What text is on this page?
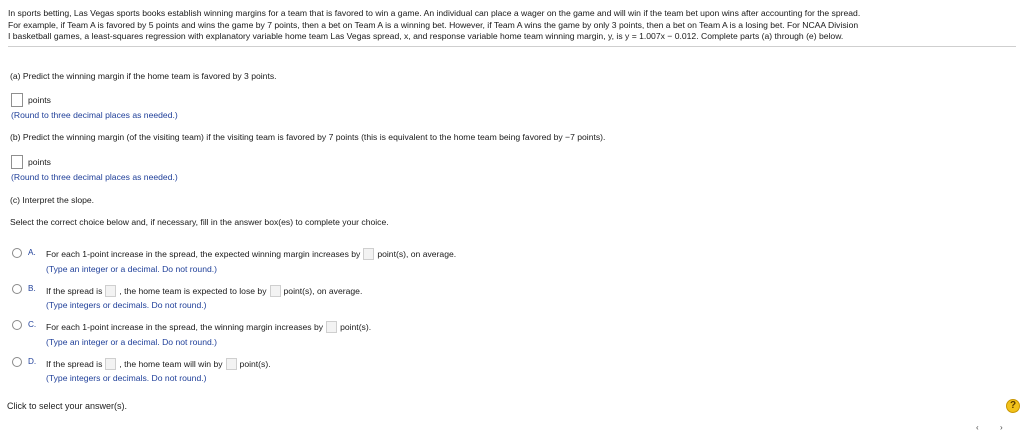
In sports betting, Las Vegas sports books establish winning margins for a team that is favored to win a game. An individual can place a wager on the game and will win if the team bet upon wins after accounting for the spread.

For example, if Team A is favored by 5 points and wins the game by 7 points, then a bet on Team A is a winning bet. However, if Team A wins the game by only 3 points, then a bet on Team A is a losing bet. For NCAA Division

I basketball games, a least-squares regression with explanatory variable home team Las Vegas spread, x, and response variable home team winning margin, y, is ^ y = 1.007x − 0.012. Complete parts (a) through (e) below.

(a) Predict the winning margin if the home team is favored by 3 points.
points
(Round to three decimal places as needed.)
(b) Predict the winning margin (of the visiting team) if the visiting team is favored by 7 points (this is equivalent to the home team being favored by −7 points).
points
(Round to three decimal places as needed.)
(c) Interpret the slope.
Select the correct choice below and, if necessary, fill in the answer box(es) to complete your choice.
A. For each 1-point increase in the spread, the expected winning margin increases by point(s), on average.
(Type an integer or a decimal. Do not round.)
B. If the spread is , the home team is expected to lose by point(s), on average.
(Type integers or decimals. Do not round.)
C. For each 1-point increase in the spread, the winning margin increases by point(s).
(Type an integer or a decimal. Do not round.)
D. If the spread is , the home team will win by point(s).
(Type integers or decimals. Do not round.)
Click to select your answer(s).	?
‹	›
